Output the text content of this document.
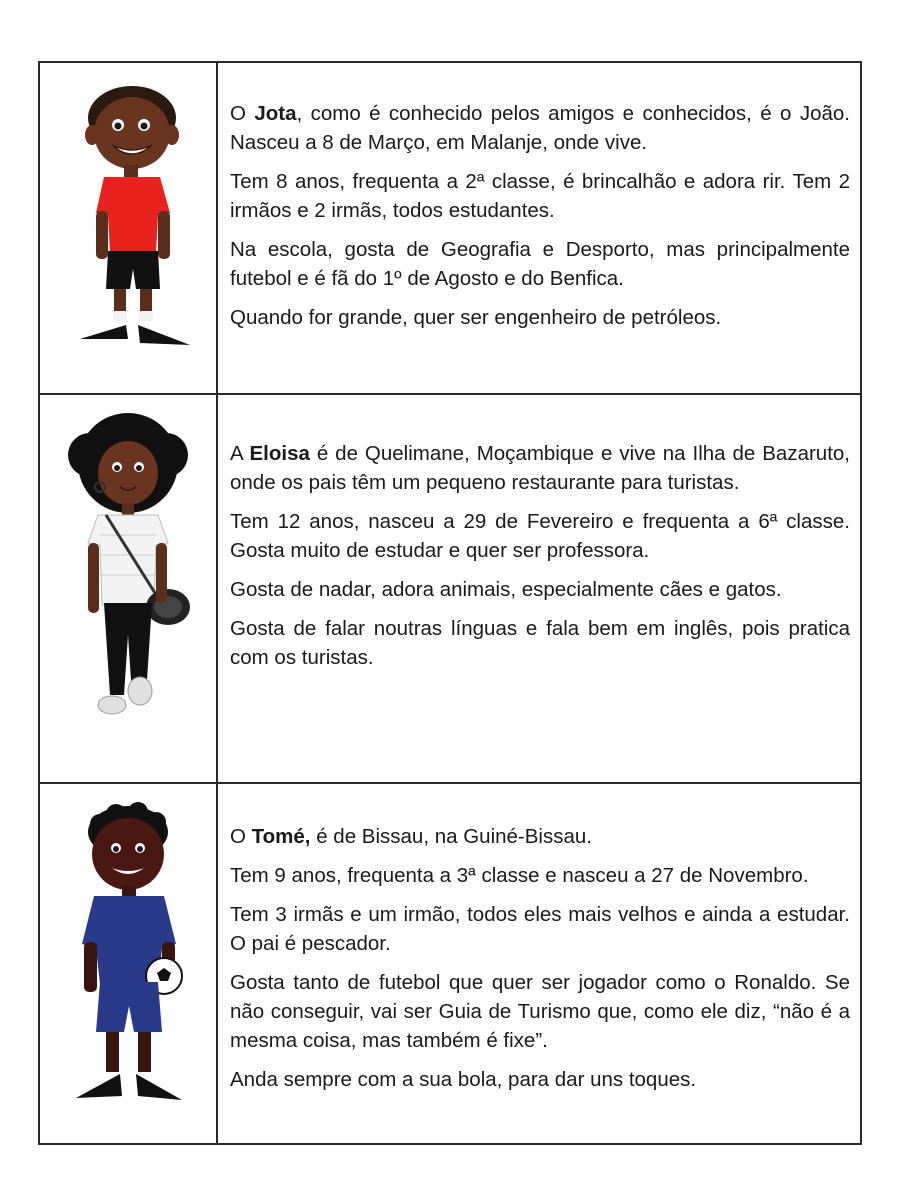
O Jota, como é conhecido pelos amigos e conhecidos, é o João. Nasceu a 8 de Março, em Malanje, onde vive.

Tem 8 anos, frequenta a 2ª classe, é brincalhão e adora rir. Tem 2 irmãos e 2 irmãs, todos estudantes.

Na escola, gosta de Geografia e Desporto, mas principalmente futebol e é fã do 1º de Agosto e do Benfica.

Quando for grande, quer ser engenheiro de petróleos.

A Eloisa é de Quelimane, Moçambique e vive na Ilha de Bazaruto, onde os pais têm um pequeno restaurante para turistas.

Tem 12 anos, nasceu a 29 de Fevereiro e frequenta a 6ª classe. Gosta muito de estudar e quer ser professora.

Gosta de nadar, adora animais, especialmente cães e gatos.

Gosta de falar noutras línguas e fala bem em inglês, pois pratica com os turistas.

O Tomé, é de Bissau, na Guiné-Bissau.

Tem 9 anos, frequenta a 3ª classe e nasceu a 27 de Novembro.

Tem 3 irmãs e um irmão, todos eles mais velhos e ainda a estudar. O pai é pescador.

Gosta tanto de futebol que quer ser jogador como o Ronaldo. Se não conseguir, vai ser Guia de Turismo que, como ele diz, “não é a mesma coisa, mas também é fixe”.

Anda sempre com a sua bola, para dar uns toques.
